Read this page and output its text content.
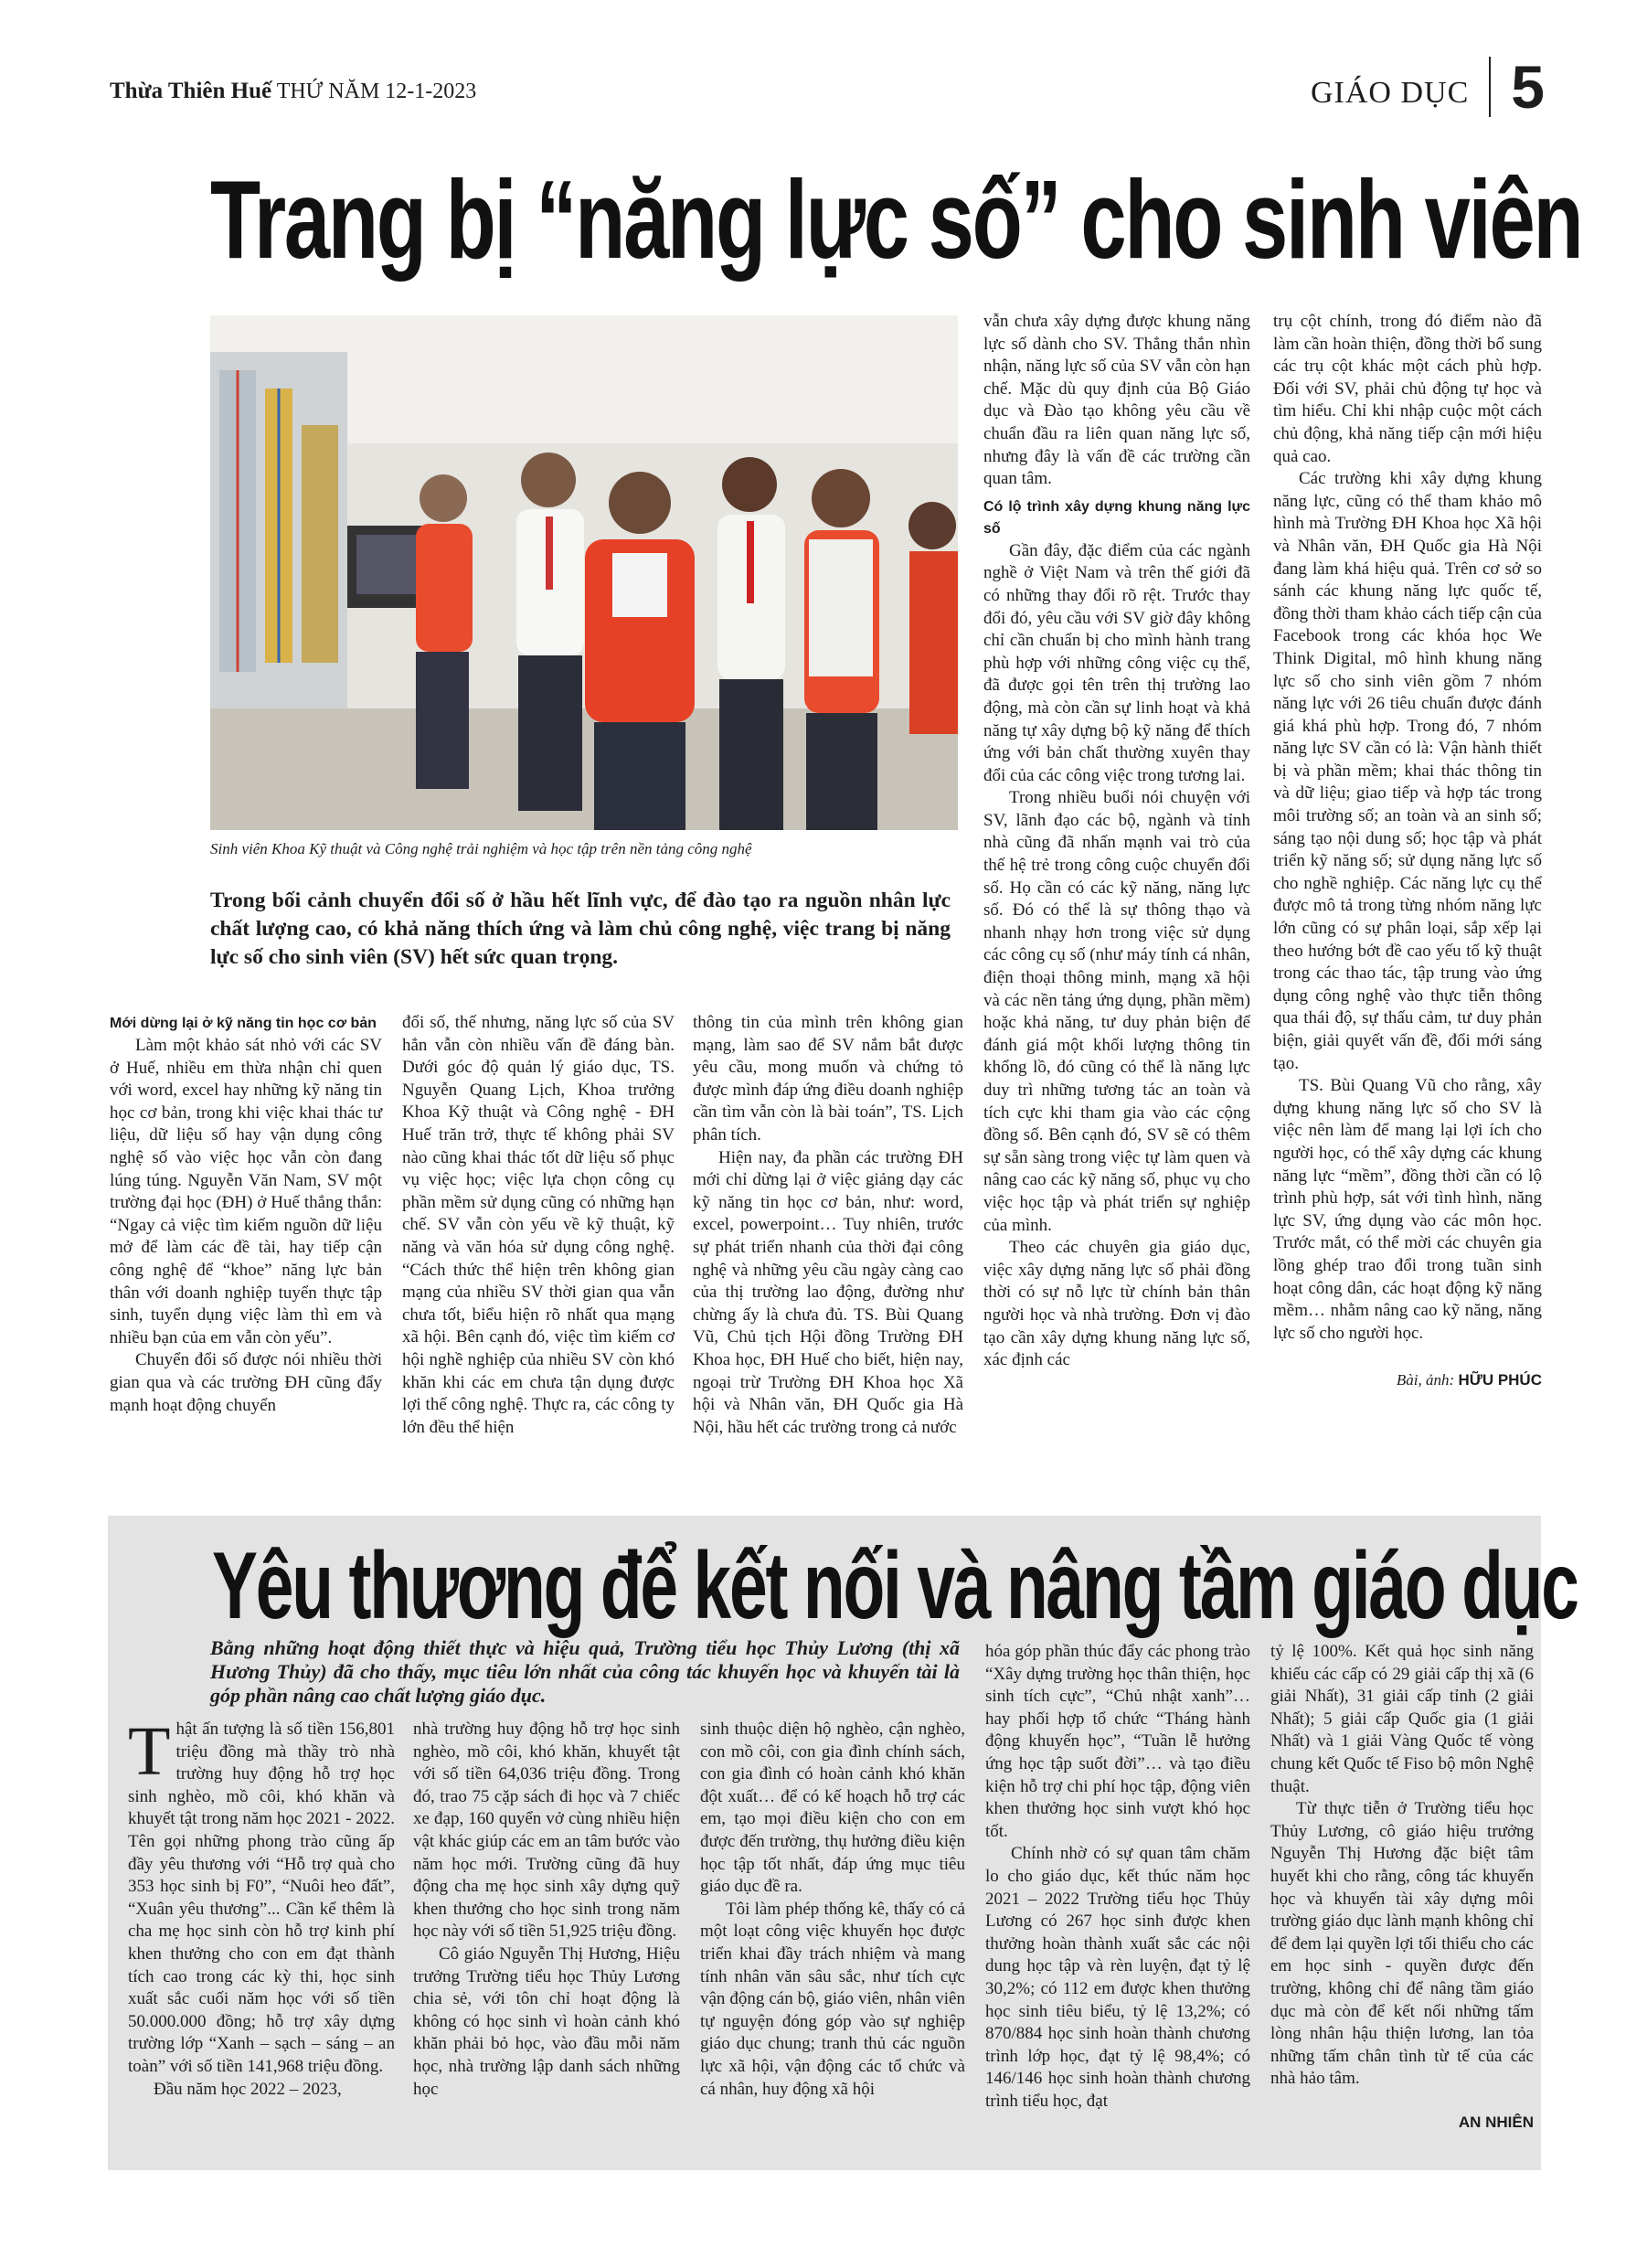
Thừa Thiên Huế THỨ NĂM 12-1-2023	GIÁO DỤC 5
Trang bị “năng lực số” cho sinh viên
Sinh viên Khoa Kỹ thuật và Công nghệ trải nghiệm và học tập trên nền tảng công nghệ
Trong bối cảnh chuyển đổi số ở hầu hết lĩnh vực, để đào tạo ra nguồn nhân lực chất lượng cao, có khả năng thích ứng và làm chủ công nghệ, việc trang bị năng lực số cho sinh viên (SV) hết sức quan trọng.

Mới dừng lại ở kỹ năng tin học cơ bản

Làm một khảo sát nhỏ với các SV ở Huế, nhiều em thừa nhận chỉ quen với word, excel hay những kỹ năng tin học cơ bản, trong khi việc khai thác tư liệu, dữ liệu số hay vận dụng công nghệ số vào việc học vẫn còn đang lúng túng. Nguyễn Văn Nam, SV một trường đại học (ĐH) ở Huế thẳng thắn: “Ngay cả việc tìm kiếm nguồn dữ liệu mở để làm các đề tài, hay tiếp cận công nghệ để “khoe” năng lực bản thân với doanh nghiệp tuyển thực tập sinh, tuyển dụng việc làm thì em và nhiều bạn của em vẫn còn yếu”.

Chuyển đổi số được nói nhiều thời gian qua và các trường ĐH cũng đẩy mạnh hoạt động chuyển

đổi số, thế nhưng, năng lực số của SV hẳn vẫn còn nhiều vấn đề đáng bàn. Dưới góc độ quản lý giáo dục, TS. Nguyễn Quang Lịch, Khoa trưởng Khoa Kỹ thuật và Công nghệ - ĐH Huế trăn trở, thực tế không phải SV nào cũng khai thác tốt dữ liệu số phục vụ việc học; việc lựa chọn công cụ phần mềm sử dụng cũng có những hạn chế. SV vẫn còn yếu về kỹ thuật, kỹ năng và văn hóa sử dụng công nghệ. “Cách thức thể hiện trên không gian mạng của nhiều SV thời gian qua vẫn chưa tốt, biểu hiện rõ nhất qua mạng xã hội. Bên cạnh đó, việc tìm kiếm cơ hội nghề nghiệp của nhiều SV còn khó khăn khi các em chưa tận dụng được lợi thế công nghệ. Thực ra, các công ty lớn đều thể hiện

thông tin của mình trên không gian mạng, làm sao để SV nắm bắt được yêu cầu, mong muốn và chứng tỏ được mình đáp ứng điều doanh nghiệp cần tìm vẫn còn là bài toán”, TS. Lịch phân tích.

Hiện nay, đa phần các trường ĐH mới chỉ dừng lại ở việc giảng dạy các kỹ năng tin học cơ bản, như: word, excel, powerpoint… Tuy nhiên, trước sự phát triển nhanh của thời đại công nghệ và những yêu cầu ngày càng cao của thị trường lao động, đường như chừng ấy là chưa đủ. TS. Bùi Quang Vũ, Chủ tịch Hội đồng Trường ĐH Khoa học, ĐH Huế cho biết, hiện nay, ngoại trừ Trường ĐH Khoa học Xã hội và Nhân văn, ĐH Quốc gia Hà Nội, hầu hết các trường trong cả nước

vẫn chưa xây dựng được khung năng lực số dành cho SV. Thẳng thắn nhìn nhận, năng lực số của SV vẫn còn hạn chế. Mặc dù quy định của Bộ Giáo dục và Đào tạo không yêu cầu về chuẩn đầu ra liên quan năng lực số, nhưng đây là vấn đề các trường cần quan tâm.

Có lộ trình xây dựng khung năng lực số

Gần đây, đặc điểm của các ngành nghề ở Việt Nam và trên thế giới đã có những thay đổi rõ rệt. Trước thay đổi đó, yêu cầu với SV giờ đây không chỉ cần chuẩn bị cho mình hành trang phù hợp với những công việc cụ thể, đã được gọi tên trên thị trường lao động, mà còn cần sự linh hoạt và khả năng tự xây dựng bộ kỹ năng để thích ứng với bản chất thường xuyên thay đổi của các công việc trong tương lai.

Trong nhiều buổi nói chuyện với SV, lãnh đạo các bộ, ngành và tỉnh nhà cũng đã nhấn mạnh vai trò của thế hệ trẻ trong công cuộc chuyển đổi số. Họ cần có các kỹ năng, năng lực số. Đó có thể là sự thông thạo và nhanh nhạy hơn trong việc sử dụng các công cụ số (như máy tính cá nhân, điện thoại thông minh, mạng xã hội và các nền tảng ứng dụng, phần mềm) hoặc khả năng, tư duy phản biện để đánh giá một khối lượng thông tin khổng lồ, đó cũng có thể là năng lực duy trì những tương tác an toàn và tích cực khi tham gia vào các cộng đồng số. Bên cạnh đó, SV sẽ có thêm sự sẵn sàng trong việc tự làm quen và nâng cao các kỹ năng số, phục vụ cho việc học tập và phát triển sự nghiệp của mình.

Theo các chuyên gia giáo dục, việc xây dựng năng lực số phải đồng thời có sự nỗ lực từ chính bản thân người học và nhà trường. Đơn vị đào tạo cần xây dựng khung năng lực số, xác định các

trụ cột chính, trong đó điểm nào đã làm cần hoàn thiện, đồng thời bổ sung các trụ cột khác một cách phù hợp. Đối với SV, phải chủ động tự học và tìm hiểu. Chỉ khi nhập cuộc một cách chủ động, khả năng tiếp cận mới hiệu quả cao.

Các trường khi xây dựng khung năng lực, cũng có thể tham khảo mô hình mà Trường ĐH Khoa học Xã hội và Nhân văn, ĐH Quốc gia Hà Nội đang làm khá hiệu quả. Trên cơ sở so sánh các khung năng lực quốc tế, đồng thời tham khảo cách tiếp cận của Facebook trong các khóa học We Think Digital, mô hình khung năng lực số cho sinh viên gồm 7 nhóm năng lực với 26 tiêu chuẩn được đánh giá khá phù hợp. Trong đó, 7 nhóm năng lực SV cần có là: Vận hành thiết bị và phần mềm; khai thác thông tin và dữ liệu; giao tiếp và hợp tác trong môi trường số; an toàn và an sinh số; sáng tạo nội dung số; học tập và phát triển kỹ năng số; sử dụng năng lực số cho nghề nghiệp. Các năng lực cụ thể được mô tả trong từng nhóm năng lực lớn cũng có sự phân loại, sắp xếp lại theo hướng bớt đề cao yếu tố kỹ thuật trong các thao tác, tập trung vào ứng dụng công nghệ vào thực tiễn thông qua thái độ, sự thấu cảm, tư duy phản biện, giải quyết vấn đề, đổi mới sáng tạo.

TS. Bùi Quang Vũ cho rằng, xây dựng khung năng lực số cho SV là việc nên làm để mang lại lợi ích cho người học, có thể xây dựng các khung năng lực “mềm”, đồng thời cần có lộ trình phù hợp, sát với tình hình, năng lực SV, ứng dụng vào các môn học. Trước mắt, có thể mời các chuyên gia lồng ghép trao đổi trong tuần sinh hoạt công dân, các hoạt động kỹ năng mềm… nhằm nâng cao kỹ năng, năng lực số cho người học.

Bài, ảnh: HỮU PHÚC
Yêu thương để kết nối và nâng tầm giáo dục
Bằng những hoạt động thiết thực và hiệu quả, Trường tiểu học Thủy Lương (thị xã Hương Thủy) đã cho thấy, mục tiêu lớn nhất của công tác khuyến học và khuyến tài là góp phần nâng cao chất lượng giáo dục.

Thật ấn tượng là số tiền 156,801 triệu đồng mà thầy trò nhà trường huy động hỗ trợ học sinh nghèo, mồ côi, khó khăn và khuyết tật trong năm học 2021 - 2022. Tên gọi những phong trào cũng ấp đầy yêu thương với “Hỗ trợ quà cho 353 học sinh bị F0”, “Nuôi heo đất”, “Xuân yêu thương”... Cần kể thêm là cha mẹ học sinh còn hỗ trợ kinh phí khen thưởng cho con em đạt thành tích cao trong các kỳ thi, học sinh xuất sắc cuối năm học với số tiền 50.000.000 đồng; hỗ trợ xây dựng trường lớp “Xanh – sạch – sáng – an toàn” với số tiền 141,968 triệu đồng.

Đầu năm học 2022 – 2023,

nhà trường huy động hỗ trợ học sinh nghèo, mồ côi, khó khăn, khuyết tật với số tiền 64,036 triệu đồng. Trong đó, trao 75 cặp sách đi học và 7 chiếc xe đạp, 160 quyển vở cùng nhiều hiện vật khác giúp các em an tâm bước vào năm học mới. Trường cũng đã huy động cha mẹ học sinh xây dựng quỹ khen thưởng cho học sinh trong năm học này với số tiền 51,925 triệu đồng.

Cô giáo Nguyễn Thị Hương, Hiệu trưởng Trường tiểu học Thủy Lương chia sẻ, với tôn chỉ hoạt động là không có học sinh vì hoàn cảnh khó khăn phải bỏ học, vào đầu mỗi năm học, nhà trường lập danh sách những học

sinh thuộc diện hộ nghèo, cận nghèo, con mồ côi, con gia đình chính sách, con gia đình có hoàn cảnh khó khăn đột xuất… để có kế hoạch hỗ trợ các em, tạo mọi điều kiện cho con em được đến trường, thụ hưởng điều kiện học tập tốt nhất, đáp ứng mục tiêu giáo dục đề ra.

Tôi làm phép thống kê, thấy có cả một loạt công việc khuyến học được triển khai đầy trách nhiệm và mang tính nhân văn sâu sắc, như tích cực vận động cán bộ, giáo viên, nhân viên tự nguyện đóng góp vào sự nghiệp giáo dục chung; tranh thủ các nguồn lực xã hội, vận động các tổ chức và cá nhân, huy động xã hội

hóa góp phần thúc đẩy các phong trào “Xây dựng trường học thân thiện, học sinh tích cực”, “Chủ nhật xanh”… hay phối hợp tổ chức “Tháng hành động khuyến học”, “Tuần lễ hưởng ứng học tập suốt đời”… và tạo điều kiện hỗ trợ chi phí học tập, động viên khen thưởng học sinh vượt khó học tốt.

Chính nhờ có sự quan tâm chăm lo cho giáo dục, kết thúc năm học 2021 – 2022 Trường tiểu học Thủy Lương có 267 học sinh được khen thưởng hoàn thành xuất sắc các nội dung học tập và rèn luyện, đạt tỷ lệ 30,2%; có 112 em được khen thưởng học sinh tiêu biểu, tỷ lệ 13,2%; có 870/884 học sinh hoàn thành chương trình lớp học, đạt tỷ lệ 98,4%; có 146/146 học sinh hoàn thành chương trình tiểu học, đạt

tỷ lệ 100%. Kết quả học sinh năng khiếu các cấp có 29 giải cấp thị xã (6 giải Nhất), 31 giải cấp tỉnh (2 giải Nhất); 5 giải cấp Quốc gia (1 giải Nhất) và 1 giải Vàng Quốc tế vòng chung kết Quốc tế Fiso bộ môn Nghệ thuật.

Từ thực tiễn ở Trường tiểu học Thủy Lương, cô giáo hiệu trưởng Nguyễn Thị Hương đặc biệt tâm huyết khi cho rằng, công tác khuyến học và khuyến tài xây dựng môi trường giáo dục lành mạnh không chỉ để đem lại quyền lợi tối thiểu cho các em học sinh - quyền được đến trường, không chỉ để nâng tầm giáo dục mà còn để kết nối những tấm lòng nhân hậu thiện lương, lan tỏa những tấm chân tình từ tế của các nhà hảo tâm.

AN NHIÊN
